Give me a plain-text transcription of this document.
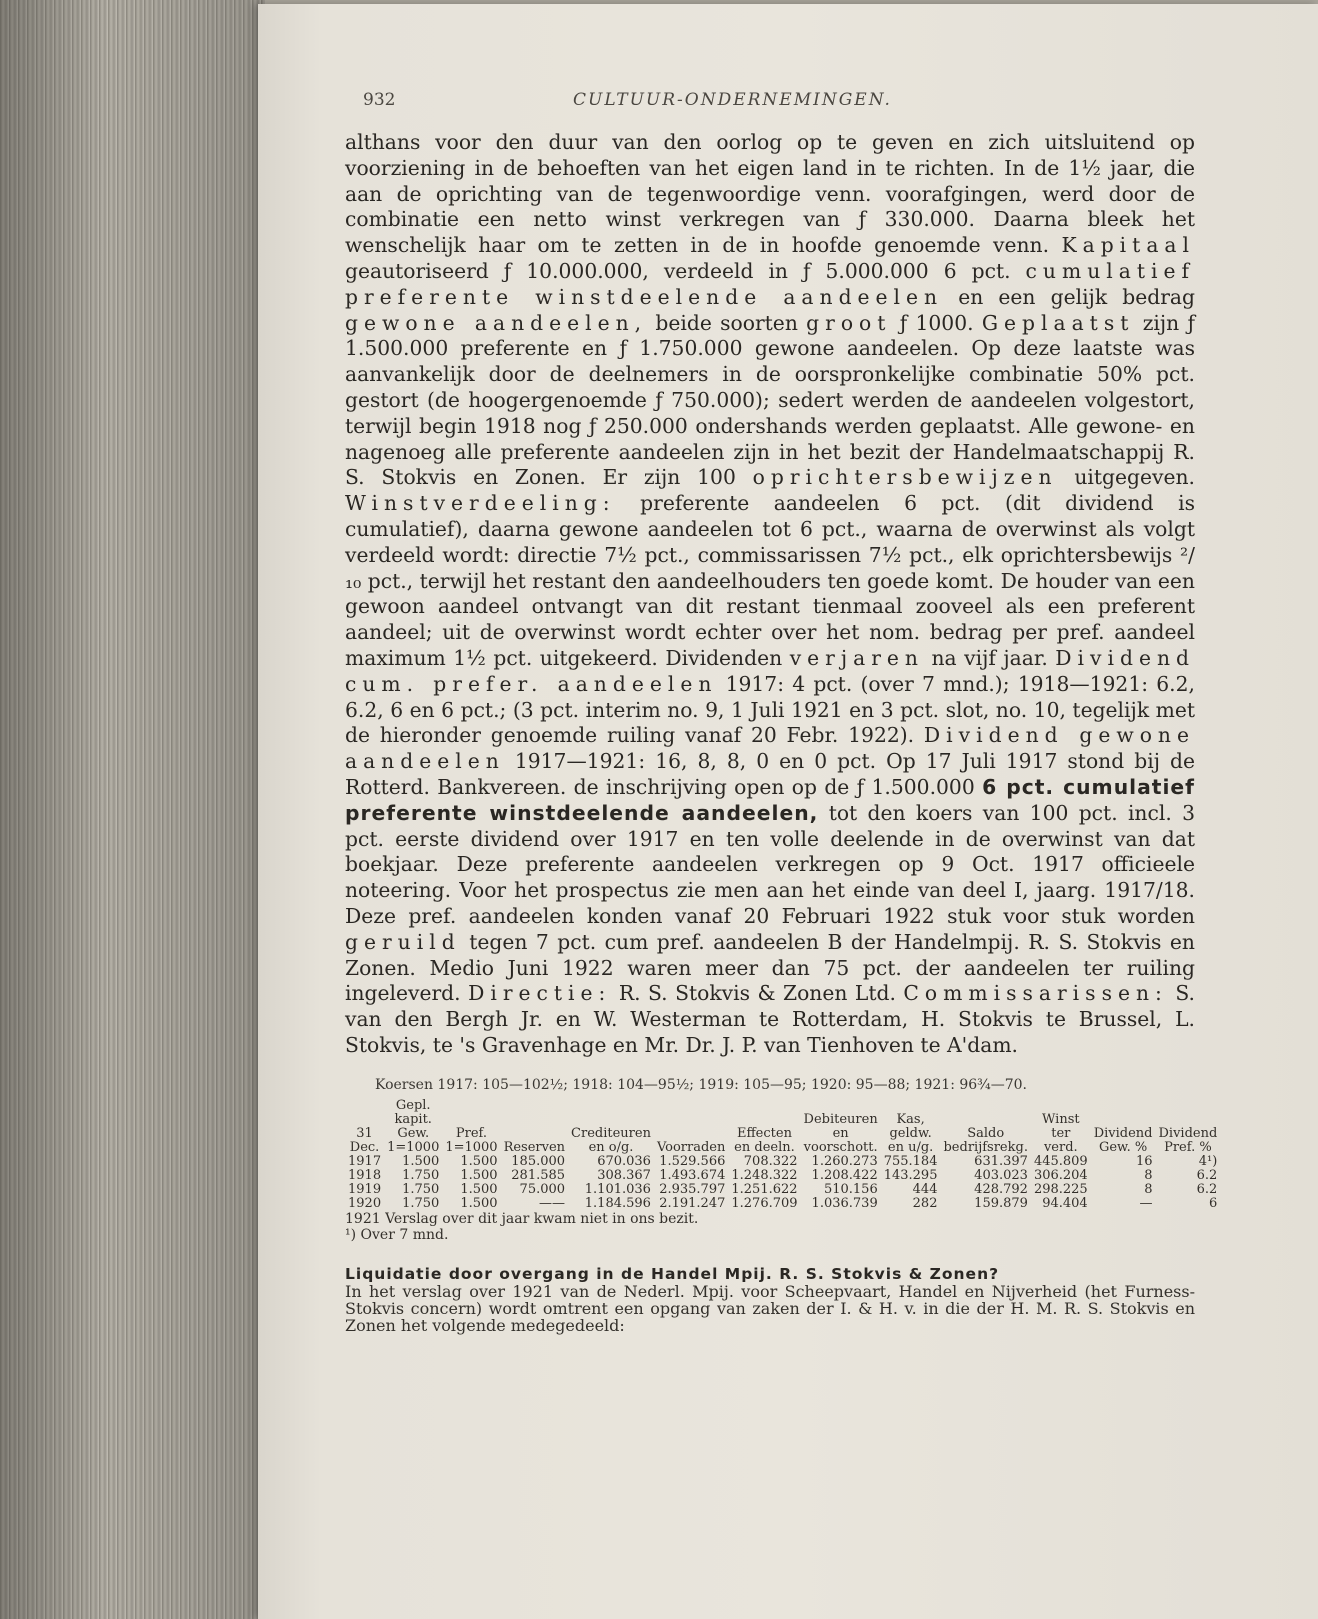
932	CULTUUR-ONDERNEMINGEN.

althans voor den duur van den oorlog op te geven en zich uitsluitend op voorziening in de behoeften van het eigen land in te richten. In de 1½ jaar, die aan de oprichting van de tegenwoordige venn. voorafgingen, werd door de combinatie een netto winst verkregen van ƒ 330.000. Daarna bleek het wenschelijk haar om te zetten in de in hoofde genoemde venn. Kapitaal geautoriseerd ƒ 10.000.000, verdeeld in ƒ 5.000.000 6 pct. cumulatief preferente winstdeelende aandeelen en een gelijk bedrag gewone aandeelen, beide soorten groot ƒ 1000. Geplaatst zijn ƒ 1.500.000 preferente en ƒ 1.750.000 gewone aandeelen. Op deze laatste was aanvankelijk door de deelnemers in de oorspronkelijke combinatie 50% pct. gestort (de hoogergenoemde ƒ 750.000); sedert werden de aandeelen volgestort, terwijl begin 1918 nog ƒ 250.000 ondershands werden geplaatst. Alle gewone- en nagenoeg alle preferente aandeelen zijn in het bezit der Handelmaatschappij R. S. Stokvis en Zonen. Er zijn 100 oprichtersbewijzen uitgegeven. Winstverdeeling: preferente aandeelen 6 pct. (dit dividend is cumulatief), daarna gewone aandeelen tot 6 pct., waarna de overwinst als volgt verdeeld wordt: directie 7½ pct., commissarissen 7½ pct., elk oprichtersbewijs ²/₁₀ pct., terwijl het restant den aandeelhouders ten goede komt. De houder van een gewoon aandeel ontvangt van dit restant tienmaal zooveel als een preferent aandeel; uit de overwinst wordt echter over het nom. bedrag per pref. aandeel maximum 1½ pct. uitgekeerd. Dividenden verjaren na vijf jaar. Dividend cum. prefer. aandeelen 1917: 4 pct. (over 7 mnd.); 1918—1921: 6.2, 6.2, 6 en 6 pct.; (3 pct. interim no. 9, 1 Juli 1921 en 3 pct. slot, no. 10, tegelijk met de hieronder genoemde ruiling vanaf 20 Febr. 1922). Dividend gewone aandeelen 1917—1921: 16, 8, 8, 0 en 0 pct. Op 17 Juli 1917 stond bij de Rotterd. Bankvereen. de inschrijving open op de ƒ 1.500.000 6 pct. cumulatief preferente winstdeelende aandeelen, tot den koers van 100 pct. incl. 3 pct. eerste dividend over 1917 en ten volle deelende in de overwinst van dat boekjaar. Deze preferente aandeelen verkregen op 9 Oct. 1917 officieele noteering. Voor het prospectus zie men aan het einde van deel I, jaarg. 1917/18. Deze pref. aandeelen konden vanaf 20 Februari 1922 stuk voor stuk worden geruild tegen 7 pct. cum pref. aandeelen B der Handelmpij. R. S. Stokvis en Zonen. Medio Juni 1922 waren meer dan 75 pct. der aandeelen ter ruiling ingeleverd. Directie: R. S. Stokvis & Zonen Ltd. Commissarissen: S. van den Bergh Jr. en W. Westerman te Rotterdam, H. Stokvis te Brussel, L. Stokvis, te 's Gravenhage en Mr. Dr. J. P. van Tienhoven te A'dam.

Koersen 1917: 105—102½; 1918: 104—95½; 1919: 105—95; 1920: 95—88; 1921: 96¾—70.
31 Dec.	Gepl. kapit. Gew. 1=1000	Pref. 1=1000	Reserven	Crediteuren en o/g.	Voorraden	Effecten en deeln.	Debiteuren en voorschott.	Kas, geldw. en u/g.	Saldo bedrijfsrekg.	Winst ter verd.	Dividend Gew. %	Dividend Pref. %
1917	1.500	1.500	185.000	670.036	1.529.566	708.322	1.260.273	755.184	631.397	445.809	16	4¹)
1918	1.750	1.500	281.585	308.367	1.493.674	1.248.322	1.208.422	143.295	403.023	306.204	8	6.2
1919	1.750	1.500	75.000	1.101.036	2.935.797	1.251.622	510.156	444	428.792	298.225	8	6.2
1920	1.750	1.500	——	1.184.596	2.191.247	1.276.709	1.036.739	282	159.879	94.404	—	6
1921 Verslag over dit jaar kwam niet in ons bezit.
¹) Over 7 mnd.
Liquidatie door overgang in de Handel Mpij. R. S. Stokvis & Zonen?

In het verslag over 1921 van de Nederl. Mpij. voor Scheepvaart, Handel en Nijverheid (het Furness-Stokvis concern) wordt omtrent een opgang van zaken der I. & H. v. in die der H. M. R. S. Stokvis en Zonen het volgende medegedeeld:
